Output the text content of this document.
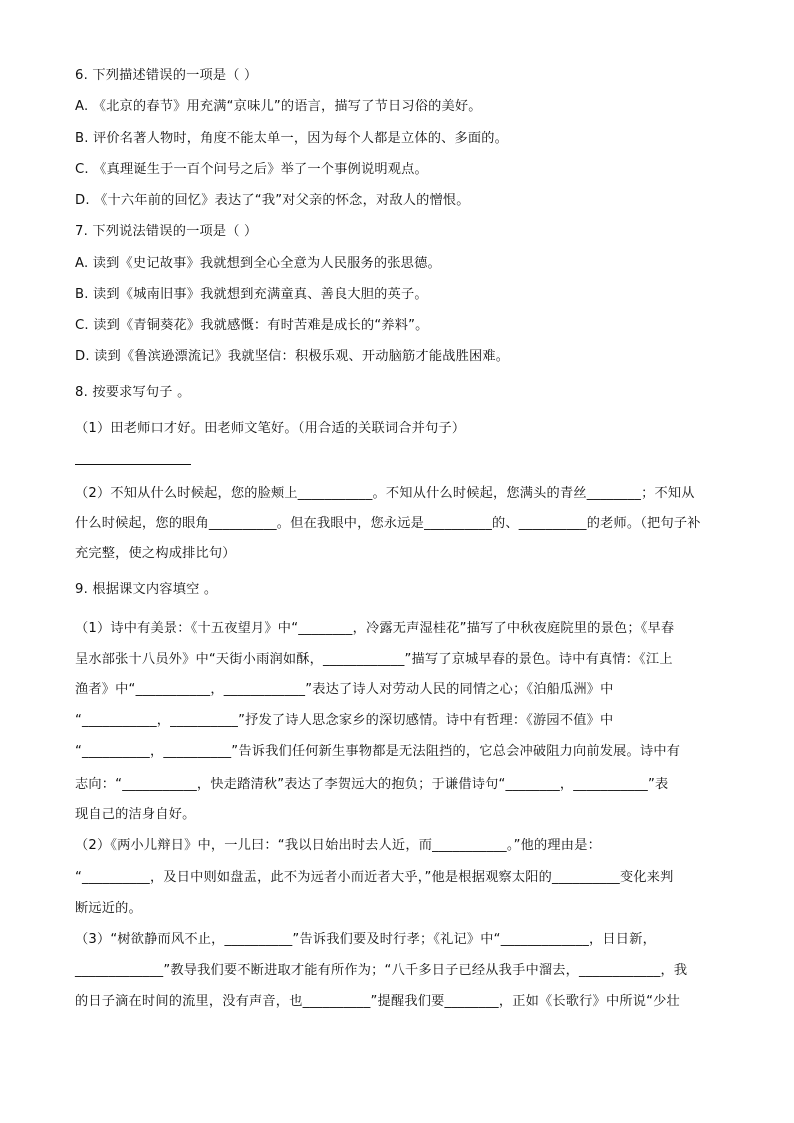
6. 下列描述错误的一项是（ ）
A. 《北京的春节》用充满“京味儿”的语言，描写了节日习俗的美好。
B. 评价名著人物时，角度不能太单一，因为每个人都是立体的、多面的。
C. 《真理诞生于一百个问号之后》举了一个事例说明观点。
D. 《十六年前的回忆》表达了“我”对父亲的怀念，对敌人的憎恨。
7. 下列说法错误的一项是（ ）
A. 读到《史记故事》我就想到全心全意为人民服务的张思德。
B. 读到《城南旧事》我就想到充满童真、善良大胆的英子。
C. 读到《青铜葵花》我就感慨：有时苦难是成长的“养料”。
D. 读到《鲁滨逊漂流记》我就坚信：积极乐观、开动脑筋才能战胜困难。
8. 按要求写句子 。
（1）田老师口才好。田老师文笔好。（用合适的关联词合并句子）
（2）不知从什么时候起，您的脸颊上___________。不知从什么时候起，您满头的青丝________；不知从
什么时候起，您的眼角__________。但在我眼中，您永远是__________的、__________的老师。（把句子补
充完整，使之构成排比句）
9. 根据课文内容填空 。
（1）诗中有美景：《十五夜望月》中“________，冷露无声湿桂花”描写了中秋夜庭院里的景色；《早春
呈水部张十八员外》中“天街小雨润如酥，____________”描写了京城早春的景色。诗中有真情：《江上
渔者》中“___________，____________”表达了诗人对劳动人民的同情之心；《泊船瓜洲》中
“___________，__________”抒发了诗人思念家乡的深切感情。诗中有哲理：《游园不值》中
“__________，__________”告诉我们任何新生事物都是无法阻挡的，它总会冲破阻力向前发展。诗中有
志向：“___________，快走踏清秋”表达了李贺远大的抱负；于谦借诗句“________，___________”表
现自己的洁身自好。
（2）《两小儿辩日》中，一儿曰：“我以日始出时去人近，而___________。”他的理由是：
“__________，及日中则如盘盂，此不为远者小而近者大乎，”他是根据观察太阳的__________变化来判
断远近的。
（3）“树欲静而风不止，__________”告诉我们要及时行孝；《礼记》中“_____________，日日新，
_____________”教导我们要不断进取才能有所作为；“八千多日子已经从我手中溜去，____________，我
的日子滴在时间的流里，没有声音，也__________”提醒我们要________，正如《长歌行》中所说“少壮
